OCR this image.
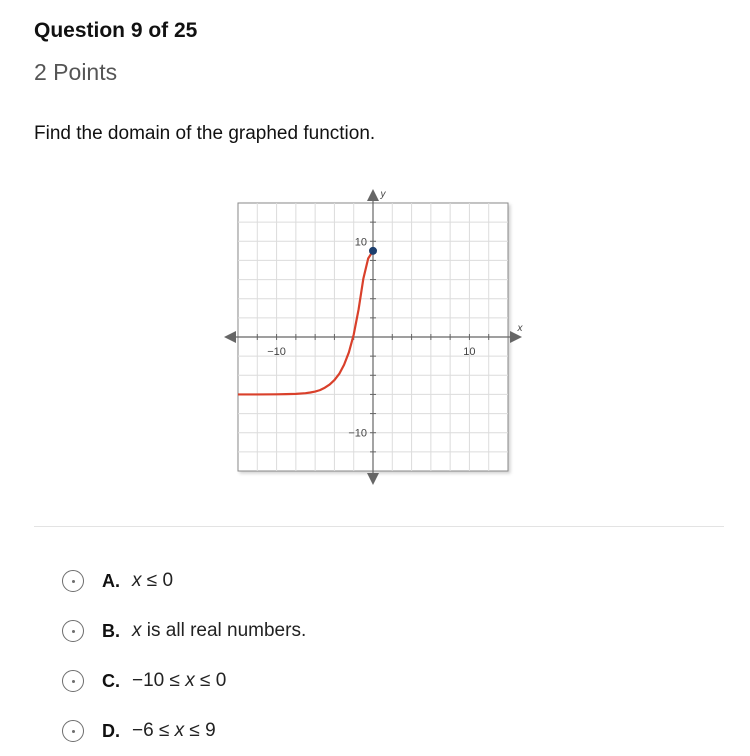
Question 9 of 25
2 Points
Find the domain of the graphed function.
−10	10
10
−10
x
y
A. x ≤ 0
B. x is all real numbers.
C. −10 ≤ x ≤ 0
D. −6 ≤ x ≤ 9
